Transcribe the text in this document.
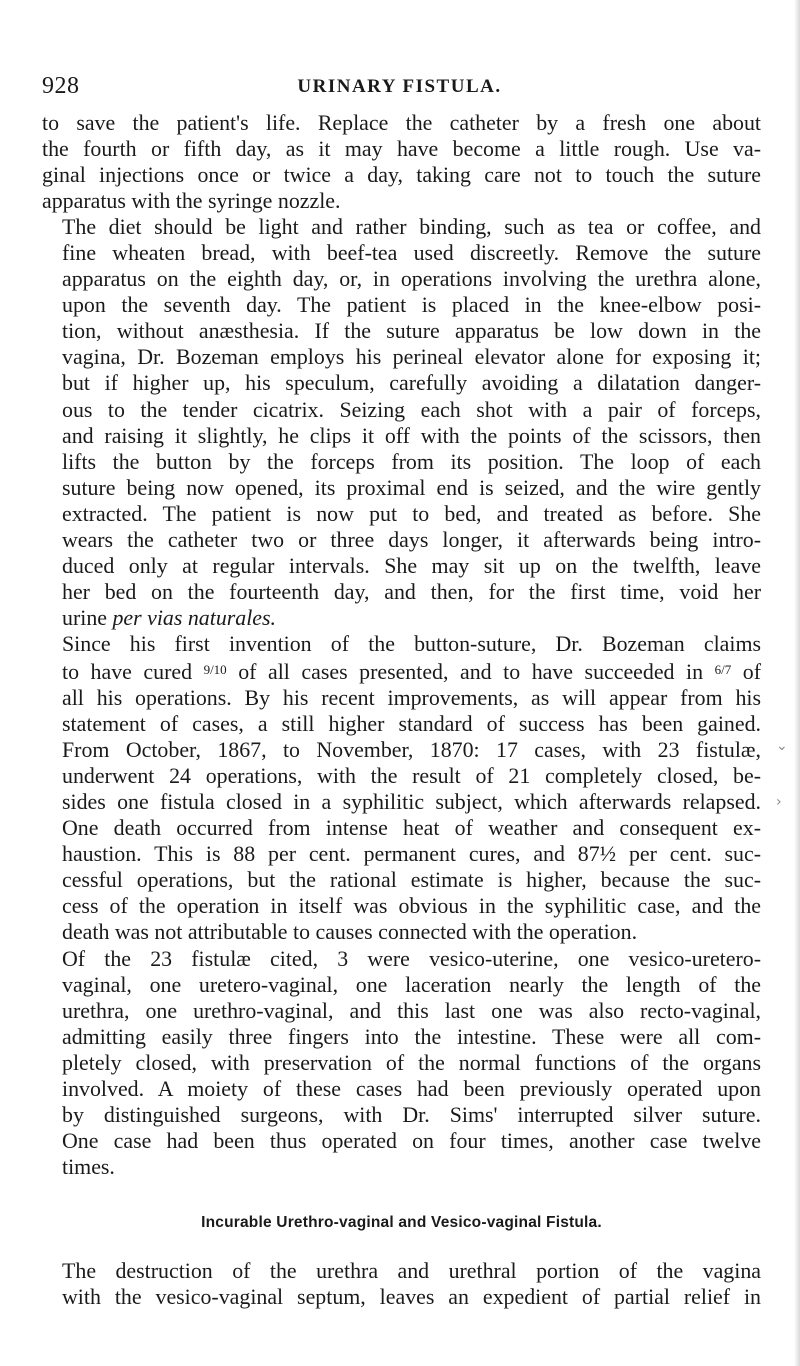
⌄
›
928	URINARY FISTULA.

to save the patient's life. Replace the catheter by a fresh one about
the fourth or fifth day, as it may have become a little rough. Use va-
ginal injections once or twice a day, taking care not to touch the suture
apparatus with the syringe nozzle.

The diet should be light and rather binding, such as tea or coffee, and
fine wheaten bread, with beef-tea used discreetly. Remove the suture
apparatus on the eighth day, or, in operations involving the urethra alone,
upon the seventh day. The patient is placed in the knee-elbow posi-
tion, without anæsthesia. If the suture apparatus be low down in the
vagina, Dr. Bozeman employs his perineal elevator alone for exposing it;
but if higher up, his speculum, carefully avoiding a dilatation danger-
ous to the tender cicatrix. Seizing each shot with a pair of forceps,
and raising it slightly, he clips it off with the points of the scissors, then
lifts the button by the forceps from its position. The loop of each
suture being now opened, its proximal end is seized, and the wire gently
extracted. The patient is now put to bed, and treated as before. She
wears the catheter two or three days longer, it afterwards being intro-
duced only at regular intervals. She may sit up on the twelfth, leave
her bed on the fourteenth day, and then, for the first time, void her
urine per vias naturales.

Since his first invention of the button-suture, Dr. Bozeman claims
to have cured $^{9/10}$ of all cases presented, and to have succeeded in $^{6/7}$ of
all his operations. By his recent improvements, as will appear from his
statement of cases, a still higher standard of success has been gained.
From October, 1867, to November, 1870: 17 cases, with 23 fistulæ,
underwent 24 operations, with the result of 21 completely closed, be-
sides one fistula closed in a syphilitic subject, which afterwards relapsed.
One death occurred from intense heat of weather and consequent ex-
haustion. This is 88 per cent. permanent cures, and 87½ per cent. suc-
cessful operations, but the rational estimate is higher, because the suc-
cess of the operation in itself was obvious in the syphilitic case, and the
death was not attributable to causes connected with the operation.

Of the 23 fistulæ cited, 3 were vesico-uterine, one vesico-uretero-
vaginal, one uretero-vaginal, one laceration nearly the length of the
urethra, one urethro-vaginal, and this last one was also recto-vaginal,
admitting easily three fingers into the intestine. These were all com-
pletely closed, with preservation of the normal functions of the organs
involved. A moiety of these cases had been previously operated upon
by distinguished surgeons, with Dr. Sims' interrupted silver suture.
One case had been thus operated on four times, another case twelve
times.

Incurable Urethro-vaginal and Vesico-vaginal Fistula.

The destruction of the urethra and urethral portion of the vagina
with the vesico-vaginal septum, leaves an expedient of partial relief in
